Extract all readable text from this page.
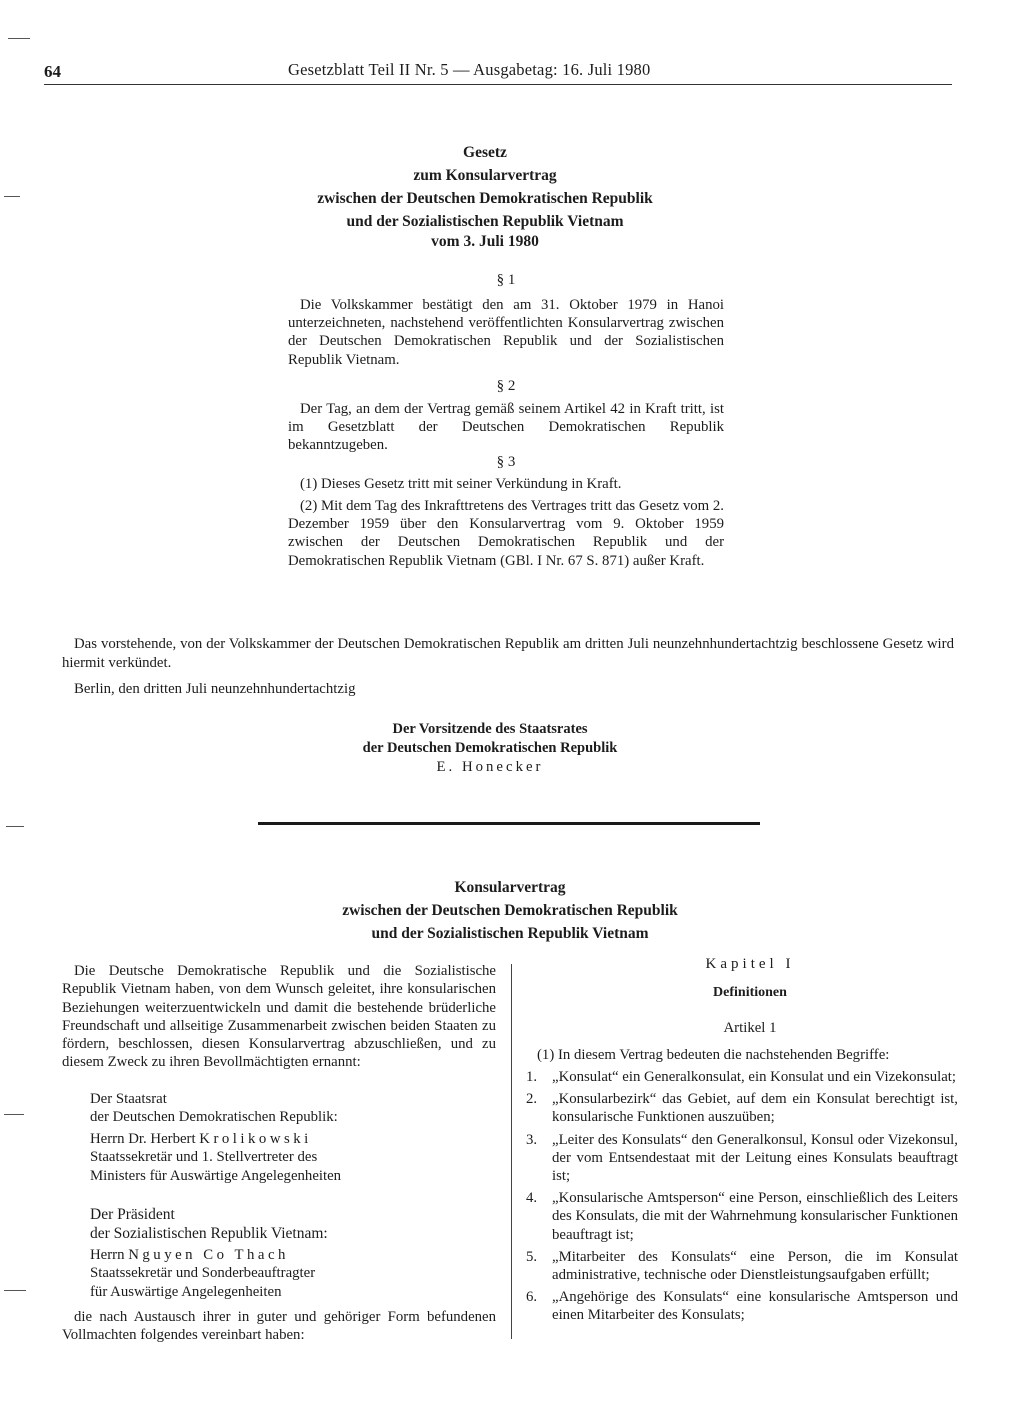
64	Gesetzblatt Teil II Nr. 5 — Ausgabetag: 16. Juli 1980
Gesetz
zum Konsularvertrag
zwischen der Deutschen Demokratischen Republik
und der Sozialistischen Republik Vietnam
vom 3. Juli 1980
§ 1

Die Volkskammer bestätigt den am 31. Oktober 1979 in Hanoi unterzeichneten, nachstehend veröffentlichten Konsularvertrag zwischen der Deutschen Demokratischen Republik und der Sozialistischen Republik Vietnam.

§ 2

Der Tag, an dem der Vertrag gemäß seinem Artikel 42 in Kraft tritt, ist im Gesetzblatt der Deutschen Demokratischen Republik bekanntzugeben.

§ 3

(1) Dieses Gesetz tritt mit seiner Verkündung in Kraft.

(2) Mit dem Tag des Inkrafttretens des Vertrages tritt das Gesetz vom 2. Dezember 1959 über den Konsularvertrag vom 9. Oktober 1959 zwischen der Deutschen Demokratischen Republik und der Demokratischen Republik Vietnam (GBl. I Nr. 67 S. 871) außer Kraft.

Das vorstehende, von der Volkskammer der Deutschen Demokratischen Republik am dritten Juli neunzehnhundertachtzig beschlossene Gesetz wird hiermit verkündet.

Berlin, den dritten Juli neunzehnhundertachtzig
Der Vorsitzende des Staatsrates
der Deutschen Demokratischen Republik
E. Honecker
Konsularvertrag
zwischen der Deutschen Demokratischen Republik
und der Sozialistischen Republik Vietnam

Die Deutsche Demokratische Republik und die Sozialistische Republik Vietnam haben, von dem Wunsch geleitet, ihre konsularischen Beziehungen weiterzuentwickeln und damit die bestehende brüderliche Freundschaft und allseitige Zusammenarbeit zwischen beiden Staaten zu fördern, beschlossen, diesen Konsularvertrag abzuschließen, und zu diesem Zweck zu ihren Bevollmächtigten ernannt:

Der Staatsrat

der Deutschen Demokratischen Republik:

Herrn Dr. Herbert Krolikowski

Staatssekretär und 1. Stellvertreter des

Ministers für Auswärtige Angelegenheiten

Der Präsident

der Sozialistischen Republik Vietnam:

Herrn Nguyen Co Thach

Staatssekretär und Sonderbeauftragter

für Auswärtige Angelegenheiten

die nach Austausch ihrer in guter und gehöriger Form befundenen Vollmachten folgendes vereinbart haben:

Kapitel I
Definitionen
Artikel 1
(1) In diesem Vertrag bedeuten die nachstehenden Begriffe:
1.	„Konsulat“ ein Generalkonsulat, ein Konsulat und ein Vizekonsulat;
2.	„Konsularbezirk“ das Gebiet, auf dem ein Konsulat berechtigt ist, konsularische Funktionen auszuüben;
3.	„Leiter des Konsulats“ den Generalkonsul, Konsul oder Vizekonsul, der vom Entsendestaat mit der Leitung eines Konsulats beauftragt ist;
4.	„Konsularische Amtsperson“ eine Person, einschließlich des Leiters des Konsulats, die mit der Wahrnehmung konsularischer Funktionen beauftragt ist;
5.	„Mitarbeiter des Konsulats“ eine Person, die im Konsulat administrative, technische oder Dienstleistungsaufgaben erfüllt;
6.	„Angehörige des Konsulats“ eine konsularische Amtsperson und einen Mitarbeiter des Konsulats;
